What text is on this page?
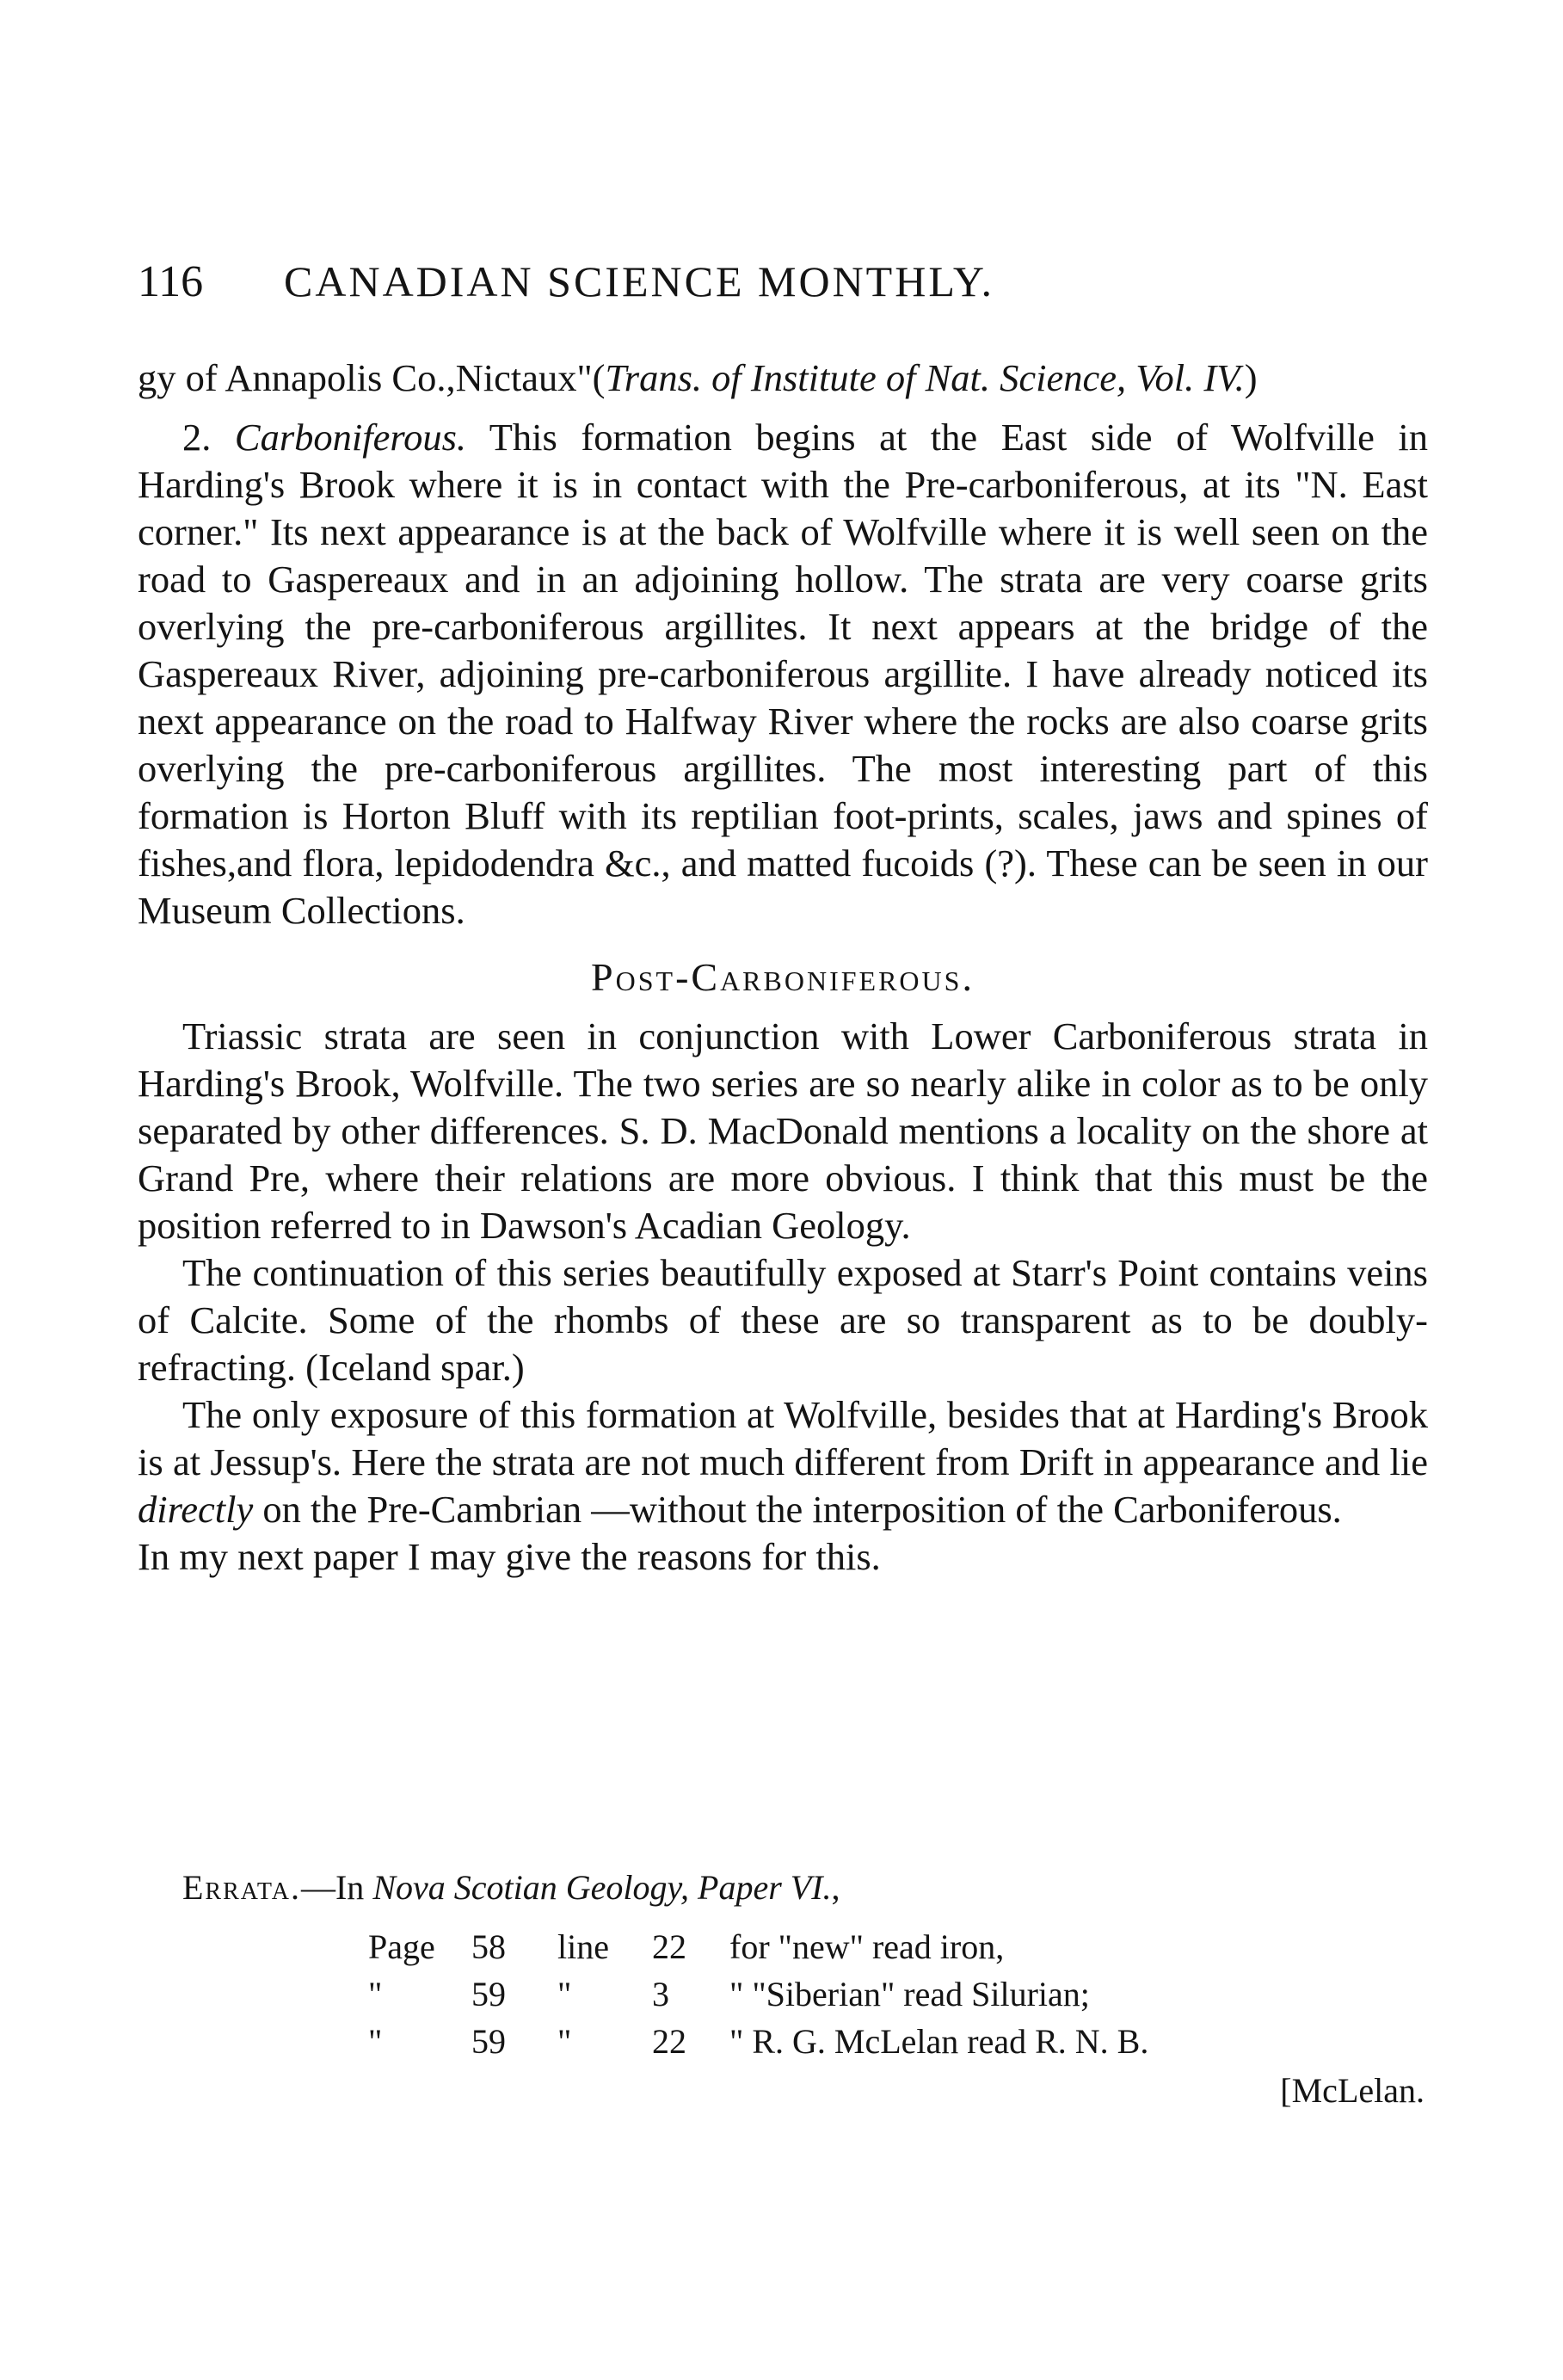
116 CANADIAN SCIENCE MONTHLY.

gy of Annapolis Co.,Nictaux"(Trans. of Institute of Nat. Science, Vol. IV.)

2. Carboniferous. This formation begins at the East side of Wolfville in Harding's Brook where it is in contact with the Pre-carboniferous, at its "N. East corner." Its next appearance is at the back of Wolfville where it is well seen on the road to Gaspereaux and in an adjoining hollow. The strata are very coarse grits overlying the pre-carboniferous argillites. It next appears at the bridge of the Gaspereaux River, adjoining pre-carboniferous argillite. I have already noticed its next appearance on the road to Halfway River where the rocks are also coarse grits overlying the pre-carboniferous argillites. The most interesting part of this formation is Horton Bluff with its reptilian foot-prints, scales, jaws and spines of fishes,and flora, lepidodendra &c., and matted fucoids (?). These can be seen in our Museum Collections.

Post-Carboniferous.

Triassic strata are seen in conjunction with Lower Carboniferous strata in Harding's Brook, Wolfville. The two series are so nearly alike in color as to be only separated by other differences. S. D. MacDonald mentions a locality on the shore at Grand Pre, where their relations are more obvious. I think that this must be the position referred to in Dawson's Acadian Geology.

The continuation of this series beautifully exposed at Starr's Point contains veins of Calcite. Some of the rhombs of these are so transparent as to be doubly-refracting. (Iceland spar.)

The only exposure of this formation at Wolfville, besides that at Harding's Brook is at Jessup's. Here the strata are not much different from Drift in appearance and lie directly on the Pre-Cambrian —without the interposition of the Carboniferous.

In my next paper I may give the reasons for this.

Errata.—In Nova Scotian Geology, Paper VI.,
Page	58	line	22	for "new" read iron,
"	59	"	3	" "Siberian" read Silurian;
"	59	"	22	" R. G. McLelan read R. N. B.
[McLelan.
